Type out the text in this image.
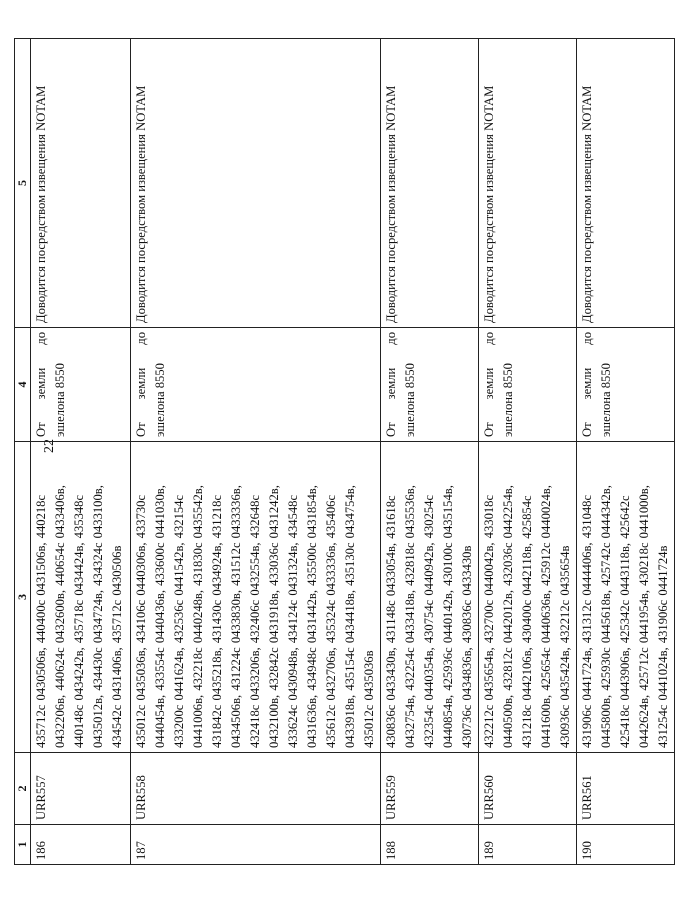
22
1	2	3	4	5
186	URR557	435712с 0430506в, 440400с 0431506в, 440218с 0432206в, 440624с 0432600в, 440654с 0433406в, 440148с 0434242в, 435718с 0434424в, 435348с 0435012в, 434430с 0434724в, 434324с 0433100в, 434542с 0431406в, 435712с 0430506в	От земли до эшелона 8550	Доводится посредством извещения NOTAM
187	URR558	435012с 0435036в, 434106с 0440306в, 433730с 0440454в, 433554с 0440436в, 433600с 0441030в, 433200с 0441624в, 432536с 0441542в, 432154с 0441006в, 432218с 0440248в, 431830с 0435542в, 431842с 0435218в, 431430с 0434924в, 431218с 0434506в, 431224с 0433830в, 431512с 0433336в, 432418с 0433206в, 432406с 0432554в, 432648с 0432100в, 432842с 0431918в, 433036с 0431242в, 433624с 0430948в, 434124с 0431324в, 434548с 0431636в, 434948с 0431442в, 435500с 0431854в, 435612с 0432706в, 435324с 0433336в, 435406с 0433918в, 435154с 0434418в, 435130с 0434754в, 435012с 0435036в	От земли до эшелона 8550	Доводится посредством извещения NOTAM
188	URR559	430836с 0433430в, 431148с 0433054в, 431618с 0432754в, 432254с 0433418в, 432818с 0435536в, 432354с 0440354в, 430754с 0440942в, 430254с 0440854в, 425936с 0440142в, 430100с 0435154в, 430736с 0434836в, 430836с 0433430в	От земли до эшелона 8550	Доводится посредством извещения NOTAM
189	URR560	432212с 0435654в, 432700с 0440042в, 433018с 0440500в, 432812с 0442012в, 432036с 0442254в, 431218с 0442106в, 430400с 0442118в, 425854с 0441600в, 425654с 0440636в, 425912с 0440024в, 430936с 0435424в, 432212с 0435654в	От земли до эшелона 8550	Доводится посредством извещения NOTAM
190	URR561	431906с 0441724в, 431312с 0444406в, 431048с 0445800в, 425930с 0445618в, 425742с 0444342в, 425418с 0443906в, 425342с 0443118в, 425642с 0442624в, 425712с 0441954в, 430218с 0441000в, 431254с 0441024в, 431906с 0441724в	От земли до эшелона 8550	Доводится посредством извещения NOTAM
